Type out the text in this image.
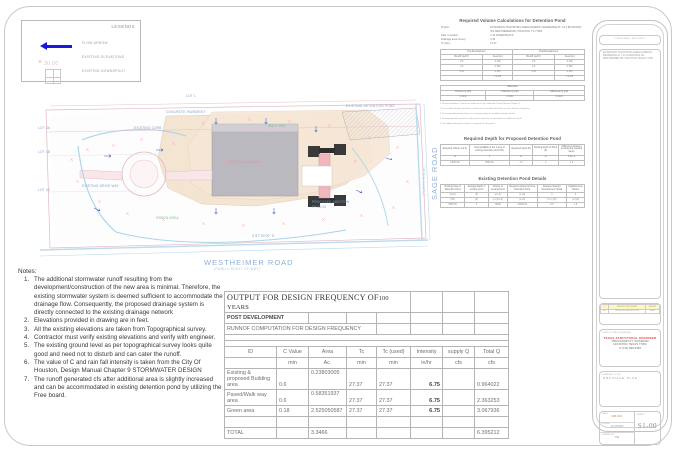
LEGENDS
FLOW ARROW
× 30.00
EXISTING ELEVATIONS
EXISTING DOWNSPOUT
LOT 1
LOT 4A
LOT 4B
LOT 4C
EXISTING BUILDING
EXISTING DETENTION POND
PROPOSED ADDITION
FF 32.00
CONCRETE PAVEMENT
EXISTING CURB
EXISTING DRIVE WAY
GREEN AREA
WALK WAY
S 87°00'00" E
WESTHEIMER ROAD
(PUBLIC RIGHT-OF-WAY)
SAGE ROAD
(PUBLIC R.O.W.)
Notes:
1. The additional stormwater runoff resulting from the development/construction of the new area is minimal. Therefore, the existing stormwater system is deemed sufficient to accommodate the drainage flow. Consequently, the proposed drainage system is directly connected to the existing drainage network
2. Elevations provided in drawing are in feet.
3. All the existing elevations are taken from Topographical survey.
4. Contractor must verify existing elevations and verify with engineer.
5. The existing ground level as per topographical survey looks quite good and need not to disturb and can cater the runoff.
6. The value of C and rain fall intensity is taken from the City Of Houston, Design Manual Chapter 9 STORMWATER DESIGN
7. The runoff generated cfs after additional area is slightly increased and can be accommodated in existing detention pond by utilizing the Free board.
OUTPUT FOR DESIGN FREQUENCY OF100 YEARS							
POST DEVELOPMENT							
RUNNOF COMPUTATION FOR DESIGN FREQUENCY							

ID	C Value	Area	Tc	Tc (used)	Intensity	supply Q	Total Q
	min	Ac.	min	min	in/hr	cfs	cfs
Existing & proposed Building area	0.6	0.23803005	27.37	27.37	6.75		0.964022
Paved/Walk way area	0.6	0.58351937	27.37	27.37	6.75		2.363253
Green area	0.18	2.525050587	27.37	27.37	6.75		3.067936

TOTAL		3.3466					6.395212
Required Volume Calculations for Detention Pond
Project :	EXTENSION TO EXISTING AMEGA ENERGY RESIDENCE AT 1 & 2 BUILDINGS ON WESTHEIMER RD, HOUSTON, TX 77063
Date / Location :	1.30 ACRES/BLOCK
Drainage area (acres) :	3.35
Tc (min) :	27.37
Pre-Development		Post-Development	
Runoff coeff C	Area (Ac)	Runoff coeff C	Area (Ac)
0.6	0.238	0.6	0.238
0.6	0.583	0.6	0.583
0.18	2.525	0.18	2.525
	3.3466		3.3466
Difference		
Pre-Dev Q (cfs)	Post-Dev Q (cfs)	Difference Q (cfs)
6.3952	6.3952	0.0000
1. Runoff coefficient C values are taken from City of Houston Design Manual Chapter 9.
2. The rainfall intensity calculation is taken from City of Houston IDF curve for 100 year frequency.
3. The required detention volume is computed using the modified rational method.
4. Existing detention pond has sufficient free board to accommodate the additional runoff.
5. No additional detention volume is required for this project.
Required Depth for Proposed Detention Pond
Required Volume (cu-ft)	Area available at the 1 acre of existing detention pond (SF)	Required depth (ft)	Existing depth of Pond (ft)	Difference between existing and required depth
11	1	11	11	0.0+/-0
13000.00	8500.00	1.5	3	1.5
Existing Detention Pond Details
Existing Area of Detention Pond	Average Depth of existing pond	Volume of existing Pond	Required volume for New Detention Pond	Required total for Development (Total)	Available Free Board
(sq-ft)	(ft)	(cu-ft)	(cu-ft)	ft	ft
(SF)	(ft)	(+/-)(cu-ft)	(cu-ft)	(ft +/-)(ft)	(+/-)(ft)
8500.00	3	12500	13000.00	0.5	1.5
CONSULTANT / ARCHITECT
EXTENSION TO EXISTING AMEGA ENERGY RESIDENCE AT 1 & 2 BUILDINGS ON WESTHEIMER RD, HOUSTON, TEXAS 77063
1	ISSUED FOR PERMIT	08/2024
No.	REVISION DESCRIPTION	DATE
STRUCTURAL ENGINEER:
TEXAS STRUCTURAL ENGINEER
7000 FANNIN ST, SUITE#440
HOUSTON, TEXAS 77054
P:(713) 999-5384
DRAWING TITLE:
DRAINAGE PLAN
DATE
FEB 2024
SCALE
AS SHOWN
DRAWN BY
TSE
SHEET
S1-00
